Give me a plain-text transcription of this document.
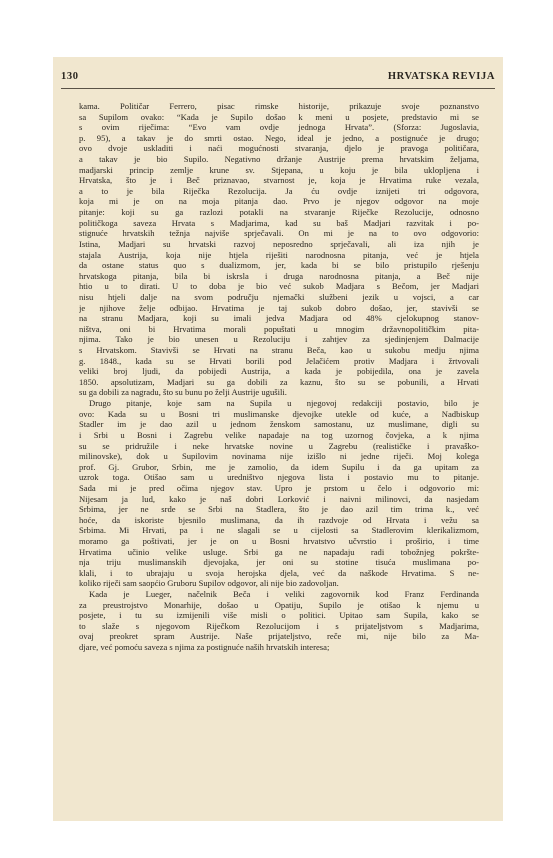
130	HRVATSKA REVIJA
kama. Političar Ferrero, pisac rimske historije, prikazuje svoje poznanstvo
sa Supilom ovako: “Kada je Supilo došao k meni u posjete, predstavio mi se
s ovim riječima: “Evo vam ovdje jednoga Hrvata”. (Sforza: Jugoslavia,
p. 95), a takav je do smrti ostao. Nego, ideal je jedno, a postignuće je drugo;
ovo dvoje uskladiti i naći mogućnosti stvaranja, djelo je pravoga političara,
a takav je bio Supilo. Negativno držanje Austrije prema hrvatskim željama,
madjarski princip zemlje krune sv. Stjepana, u koju je bila uklopljena i
Hrvatska, što je i Beč priznavao, stvarnost je, koja je Hrvatima ruke vezala,
a to je bila Riječka Rezolucija. Ja ću ovdje iznijeti tri odgovora,
koja mi je on na moja pitanja dao. Prvo je njegov odgovor na moje
pitanje: koji su ga razlozi potakli na stvaranje Riječke Rezolucije, odnosno
političkoga saveza Hrvata s Madjarima, kad su baš Madjari razvitak i po-
stignuće hrvatskih težnja najviše sprječavali. On mi je na to ovo odgovorio:
Istina, Madjari su hrvatski razvoj neposredno sprječavali, ali iza njih je
stajala Austrija, koja nije htjela riješiti narodnosna pitanja, već je htjela
da ostane status quo s dualizmom, jer, kada bi se bilo pristupilo rješenju
hrvatskoga pitanja, bila bi iskrsla i druga narodnosna pitanja, a Beč nije
htio u to dirati. U to doba je bio već sukob Madjara s Bečom, jer Madjari
nisu htjeli dalje na svom području njemački službeni jezik u vojsci, a car
je njihove želje odbijao. Hrvatima je taj sukob dobro došao, jer, stavivši se
na stranu Madjara, koji su imali jedva Madjara od 48% cjelokupnog stanov-
ništva, oni bi Hrvatima morali popuštati u mnogim državnopolitičkim pita-
njima. Tako je bio unesen u Rezoluciju i zahtjev za sjedinjenjem Dalmacije
s Hrvatskom. Stavivši se Hrvati na stranu Beča, kao u sukobu medju njima
g. 1848., kada su se Hrvati borili pod Jelačićem protiv Madjara i žrtvovali
veliki broj ljudi, da pobijedi Austrija, a kada je pobijedila, ona je zavela
1850. apsolutizam, Madjari su ga dobili za kaznu, što su se pobunili, a Hrvati
su ga dobili za nagradu, što su bunu po želji Austrije ugušili.
Drugo pitanje, koje sam na Supila u njegovoj redakciji postavio, bilo je
ovo: Kada su u Bosni tri muslimanske djevojke utekle od kuće, a Nadbiskup
Stadler im je dao azil u jednom ženskom samostanu, uz muslimane, digli su
i Srbi u Bosni i Zagrebu velike napadaje na tog uzornog čovjeka, a k njima
su se pridružile i neke hrvatske novine u Zagrebu (realističke i pravaško-
milinovske), dok u Supilovim novinama nije izišlo ni jedne riječi. Moj kolega
prof. Gj. Grubor, Srbin, me je zamolio, da idem Supilu i da ga upitam za
uzrok toga. Otišao sam u uredništvo njegova lista i postavio mu to pitanje.
Sada mi je pred očima njegov stav. Upro je prstom u čelo i odgovorio mi:
Nijesam ja lud, kako je naš dobri Lorković i naivni milinovci, da nasjedam
Srbima, jer ne srde se Srbi na Stadlera, što je dao azil tim trima k., već
hoće, da iskoriste bjesnilo muslimana, da ih razdvoje od Hrvata i vežu sa
Srbima. Mi Hrvati, pa i ne slagali se u cijelosti sa Stadlerovim klerikalizmom,
moramo ga poštivati, jer je on u Bosni hrvatstvo učvrstio i proširio, i time
Hrvatima učinio velike usluge. Srbi ga ne napadaju radi tobožnjeg pokršte-
nja triju muslimanskih djevojaka, jer oni su stotine tisuća muslimana po-
klali, i to ubrajaju u svoja herojska djela, već da naškode Hrvatima. S ne-
koliko riječi sam saopćio Gruboru Supilov odgovor, ali nije bio zadovoljan.
Kada je Lueger, načelnik Beča i veliki zagovornik kod Franz Ferdinanda
za preustrojstvo Monarhije, došao u Opatiju, Supilo je otišao k njemu u
posjete, i tu su izmijenili više misli o politici. Upitao sam Supila, kako se
to slaže s njegovom Riječkom Rezolucijom i s prijateljstvom s Madjarima,
ovaj preokret spram Austrije. Naše prijateljstvo, reče mi, nije bilo za Ma-
djare, već pomoću saveza s njima za postignuće naših hrvatskih interesa;
